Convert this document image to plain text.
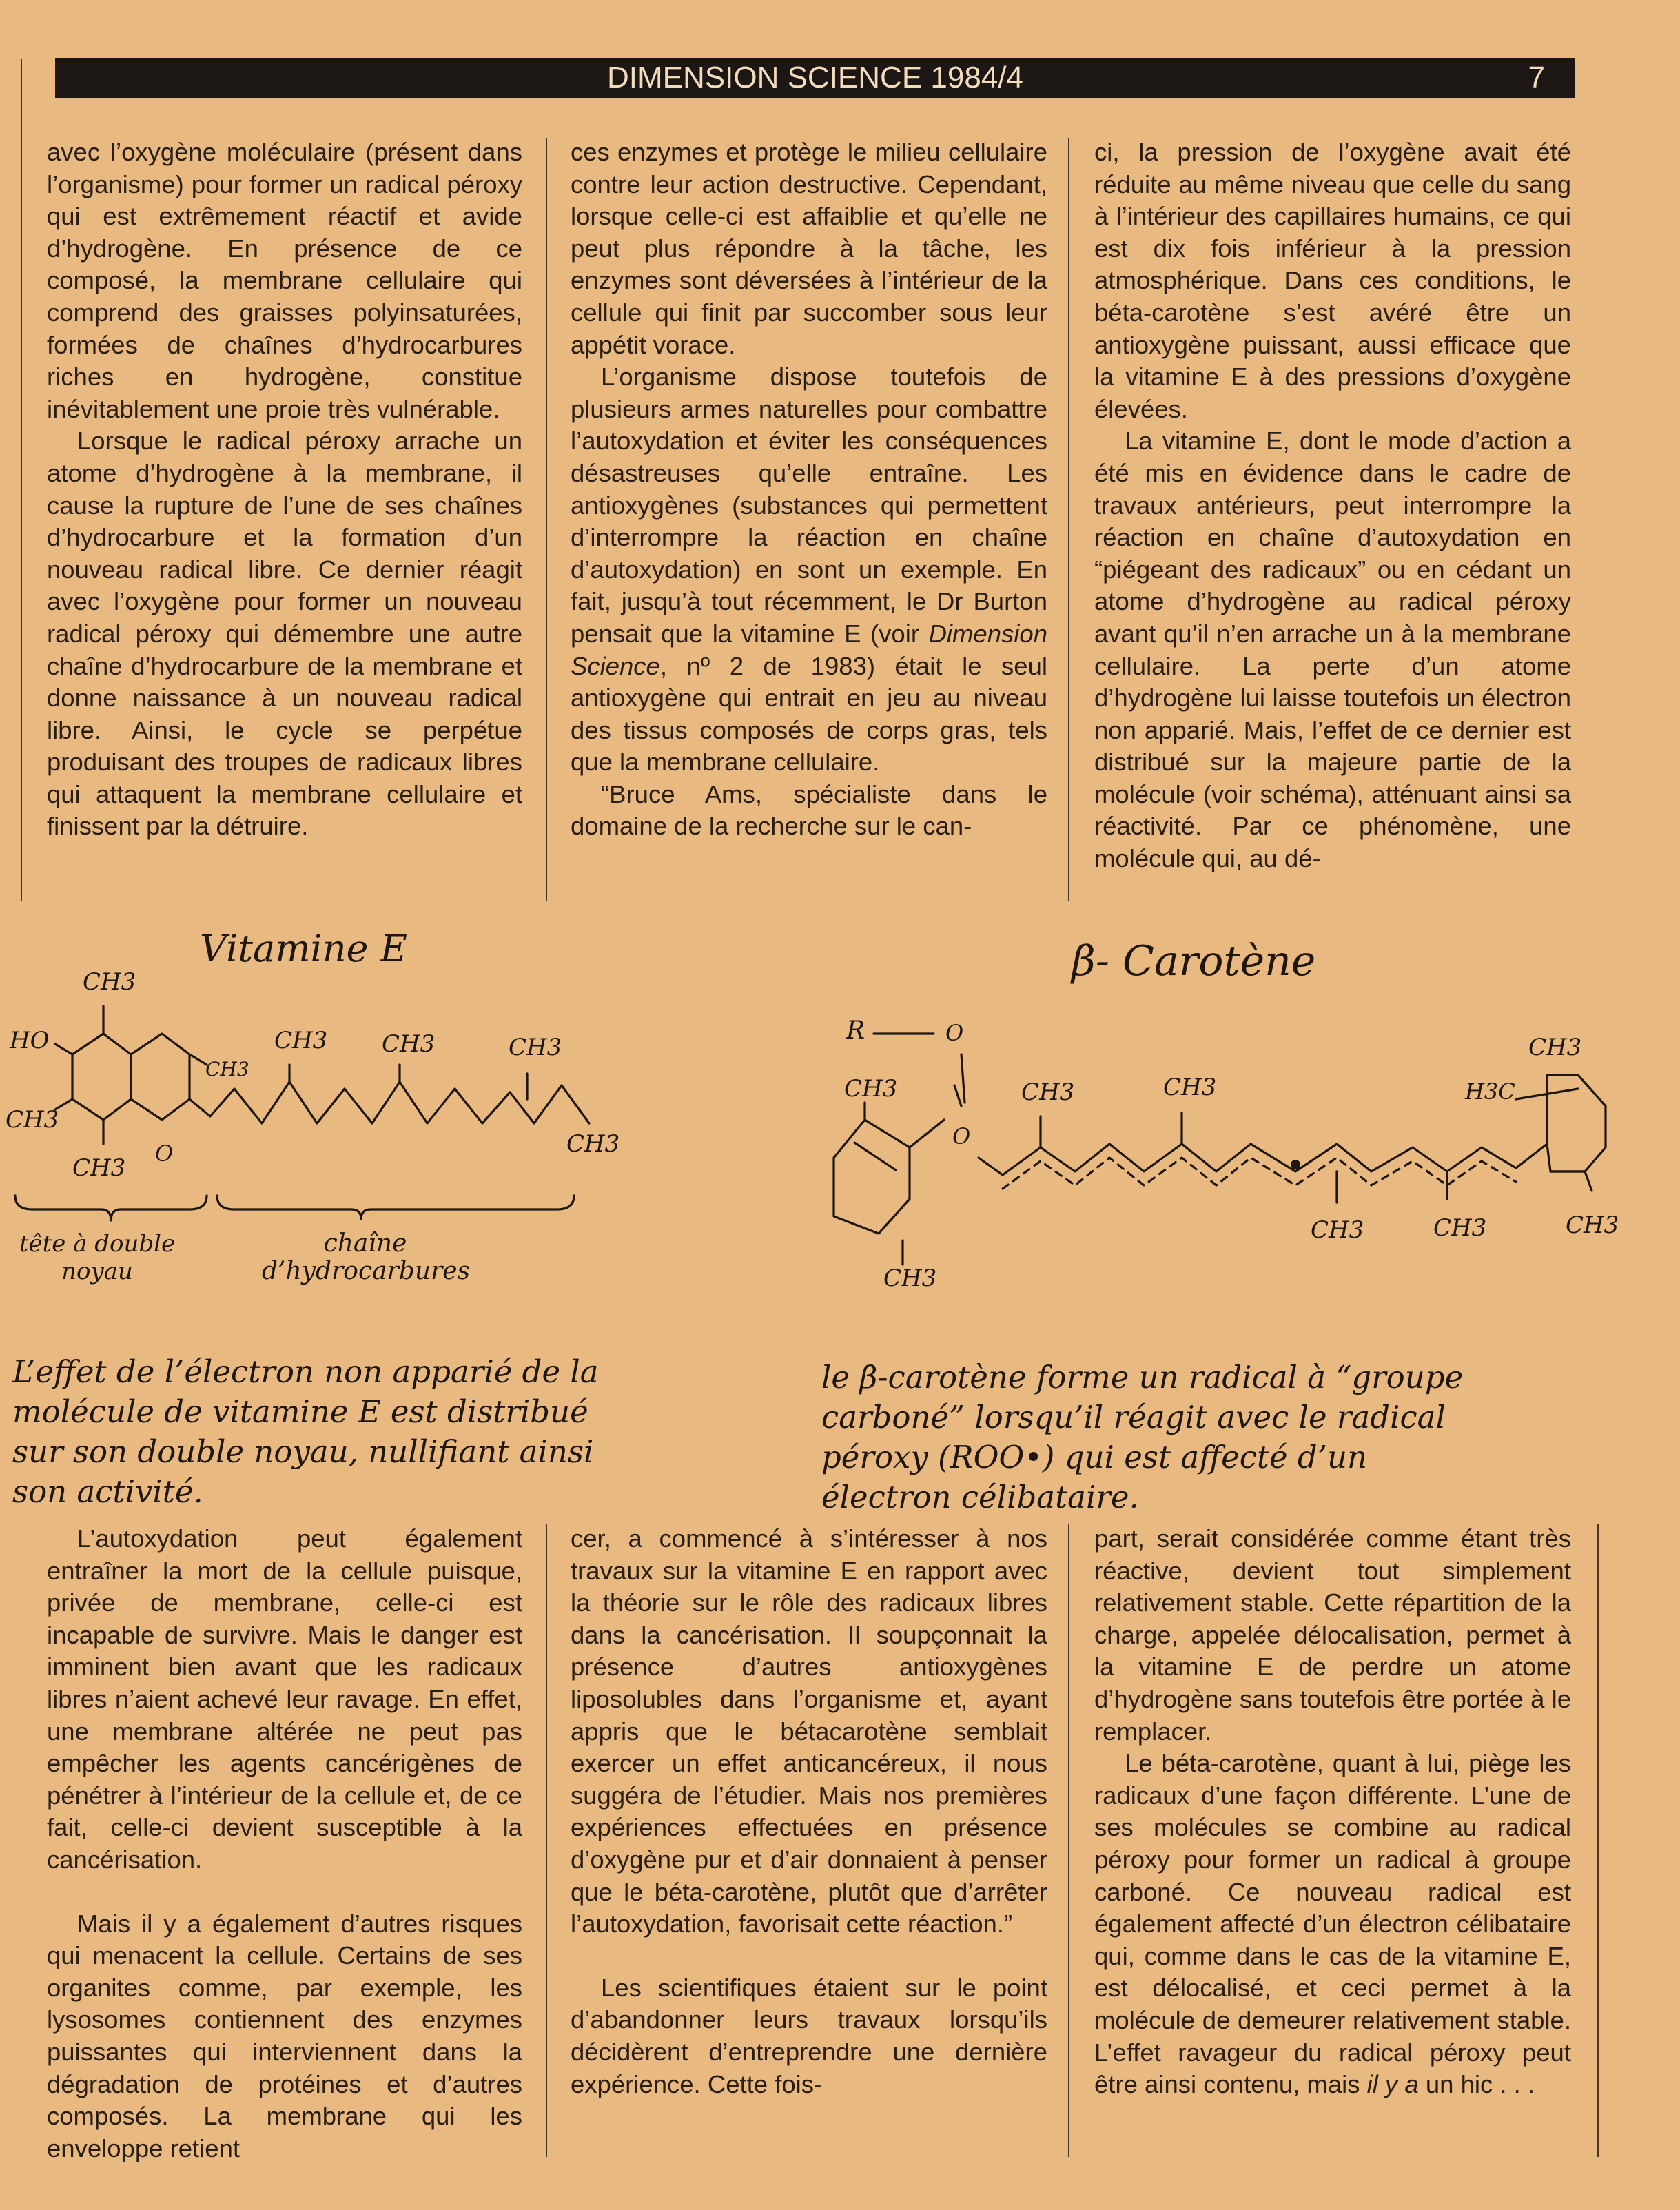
DIMENSION SCIENCE 1984/4	7

avec l’oxygène moléculaire (présent dans l’organisme) pour former un radical péroxy qui est extrêmement réactif et avide d’hydrogène. En présence de ce composé, la membrane cellulaire qui comprend des graisses polyinsaturées, formées de chaînes d’hydrocarbures riches en hydrogène, constitue inévitablement une proie très vulnérable.

Lorsque le radical péroxy arrache un atome d’hydrogène à la membrane, il cause la rupture de l’une de ses chaînes d’hydrocarbure et la formation d’un nouveau radical libre. Ce dernier réagit avec l’oxygène pour former un nouveau radical péroxy qui démembre une autre chaîne d’hydrocarbure de la membrane et donne naissance à un nouveau radical libre. Ainsi, le cycle se perpétue produisant des troupes de radicaux libres qui attaquent la membrane cellulaire et finissent par la détruire.

ces enzymes et protège le milieu cellulaire contre leur action destructive. Cependant, lorsque celle-ci est affaiblie et qu’elle ne peut plus répondre à la tâche, les enzymes sont déversées à l’intérieur de la cellule qui finit par succomber sous leur appétit vorace.

L’organisme dispose toutefois de plusieurs armes naturelles pour combattre l’autoxydation et éviter les conséquences désastreuses qu’elle entraîne. Les antioxygènes (substances qui permettent d’interrompre la réaction en chaîne d’autoxydation) en sont un exemple. En fait, jusqu’à tout récemment, le Dr Burton pensait que la vitamine E (voir Dimension Science, nº 2 de 1983) était le seul antioxygène qui entrait en jeu au niveau des tissus composés de corps gras, tels que la membrane cellulaire.

“Bruce Ams, spécialiste dans le domaine de la recherche sur le can-

ci, la pression de l’oxygène avait été réduite au même niveau que celle du sang à l’intérieur des capillaires humains, ce qui est dix fois inférieur à la pression atmosphérique. Dans ces conditions, le béta-carotène s’est avéré être un antioxygène puissant, aussi efficace que la vitamine E à des pressions d’oxygène élevées.

La vitamine E, dont le mode d’action a été mis en évidence dans le cadre de travaux antérieurs, peut interrompre la réaction en chaîne d’autoxydation en “piégeant des radicaux” ou en cédant un atome d’hydrogène au radical péroxy avant qu’il n’en arrache un à la membrane cellulaire. La perte d’un atome d’hydrogène lui laisse toutefois un électron non apparié. Mais, l’effet de ce dernier est distribué sur la majeure partie de la molécule (voir schéma), atténuant ainsi sa réactivité. Par ce phénomène, une molécule qui, au dé-

Vitamine E	β- Carotène
CH3
HO
CH3
CH3
O
CH3
CH3 CH3	CH3
CH3
tête à double
noyau
chaîne
d’hydrocarbures
R	O
O
CH3
CH3
CH3	CH3
CH3	CH3
CH3
H3C
CH3
L’effet de l’électron non apparié de la
molécule de vitamine E est distribué
sur son double noyau, nullifiant ainsi
son activité.
le β-carotène forme un radical à “groupe
carboné” lorsqu’il réagit avec le radical
péroxy (ROO•) qui est affecté d’un
électron célibataire.

L’autoxydation peut également entraîner la mort de la cellule puisque, privée de membrane, celle-ci est incapable de survivre. Mais le danger est imminent bien avant que les radicaux libres n’aient achevé leur ravage. En effet, une membrane altérée ne peut pas empêcher les agents cancérigènes de pénétrer à l’intérieur de la cellule et, de ce fait, celle-ci devient susceptible à la cancérisation.

Mais il y a également d’autres risques qui menacent la cellule. Certains de ses organites comme, par exemple, les lysosomes contiennent des enzymes puissantes qui interviennent dans la dégradation de protéines et d’autres composés. La membrane qui les enveloppe retient

cer, a commencé à s’intéresser à nos travaux sur la vitamine E en rapport avec la théorie sur le rôle des radicaux libres dans la cancérisation. Il soupçonnait la présence d’autres antioxygènes liposolubles dans l’organisme et, ayant appris que le bétacarotène semblait exercer un effet anticancéreux, il nous suggéra de l’étudier. Mais nos premières expériences effectuées en présence d’oxygène pur et d’air donnaient à penser que le béta-carotène, plutôt que d’arrêter l’autoxydation, favorisait cette réaction.”

Les scientifiques étaient sur le point d’abandonner leurs travaux lorsqu’ils décidèrent d’entreprendre une dernière expérience. Cette fois-

part, serait considérée comme étant très réactive, devient tout simplement relativement stable. Cette répartition de la charge, appelée délocalisation, permet à la vitamine E de perdre un atome d’hydrogène sans toutefois être portée à le remplacer.

Le béta-carotène, quant à lui, piège les radicaux d’une façon différente. L’une de ses molécules se combine au radical péroxy pour former un radical à groupe carboné. Ce nouveau radical est également affecté d’un électron célibataire qui, comme dans le cas de la vitamine E, est délocalisé, et ceci permet à la molécule de demeurer relativement stable. L’effet ravageur du radical péroxy peut être ainsi contenu, mais il y a un hic . . .
